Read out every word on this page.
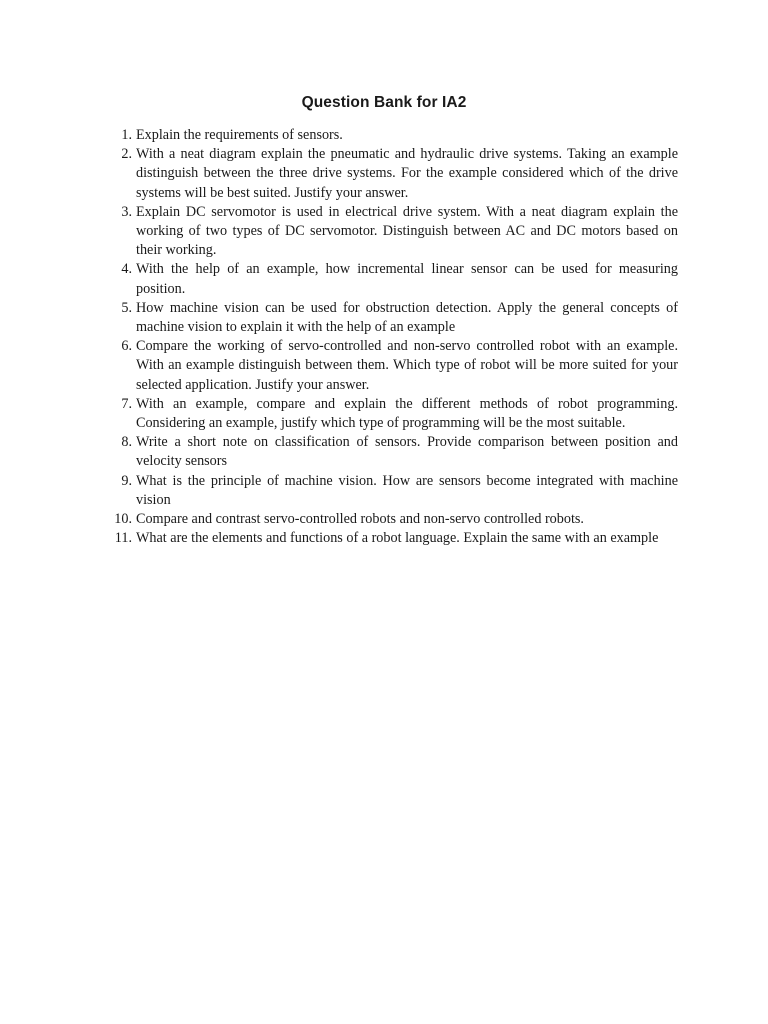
Question Bank for IA2
1. Explain the requirements of sensors.
2. With a neat diagram explain the pneumatic and hydraulic drive systems. Taking an example distinguish between the three drive systems. For the example considered which of the drive systems will be best suited. Justify your answer.
3. Explain DC servomotor is used in electrical drive system. With a neat diagram explain the working of two types of DC servomotor. Distinguish between AC and DC motors based on their working.
4. With the help of an example, how incremental linear sensor can be used for measuring position.
5. How machine vision can be used for obstruction detection. Apply the general concepts of machine vision to explain it with the help of an example
6. Compare the working of servo-controlled and non-servo controlled robot with an example. With an example distinguish between them. Which type of robot will be more suited for your selected application. Justify your answer.
7. With an example, compare and explain the different methods of robot programming. Considering an example, justify which type of programming will be the most suitable.
8. Write a short note on classification of sensors. Provide comparison between position and velocity sensors
9. What is the principle of machine vision. How are sensors become integrated with machine vision
10. Compare and contrast servo-controlled robots and non-servo controlled robots.
11. What are the elements and functions of a robot language. Explain the same with an example
